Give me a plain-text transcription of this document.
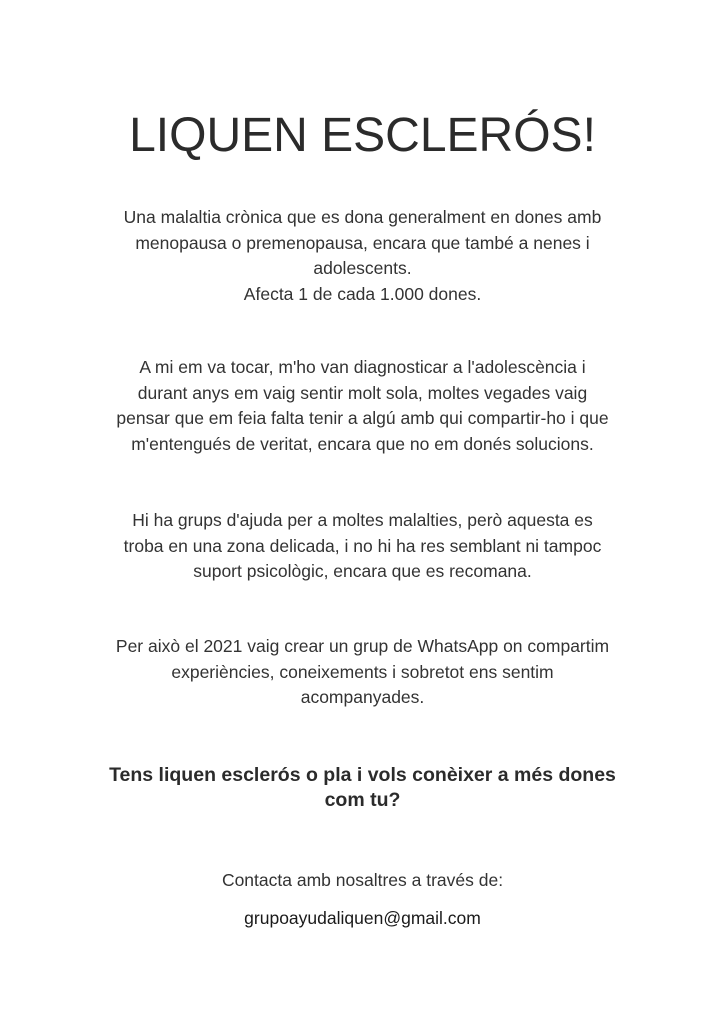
LIQUEN ESCLERÓS!

Una malaltia crònica que es dona generalment en dones amb
menopausa o premenopausa, encara que també a nenes i
adolescents.
Afecta 1 de cada 1.000 dones.

A mi em va tocar, m'ho van diagnosticar a l'adolescència i
durant anys em vaig sentir molt sola, moltes vegades vaig
pensar que em feia falta tenir a algú amb qui compartir-ho i que
m'entengués de veritat, encara que no em donés solucions.

Hi ha grups d'ajuda per a moltes malalties, però aquesta es
troba en una zona delicada, i no hi ha res semblant ni tampoc
suport psicològic, encara que es recomana.

Per això el 2021 vaig crear un grup de WhatsApp on compartim
experiències, coneixements i sobretot ens sentim
acompanyades.

Tens liquen esclerós o pla i vols conèixer a més dones
com tu?

Contacta amb nosaltres a través de:

grupoayudaliquen@gmail.com
